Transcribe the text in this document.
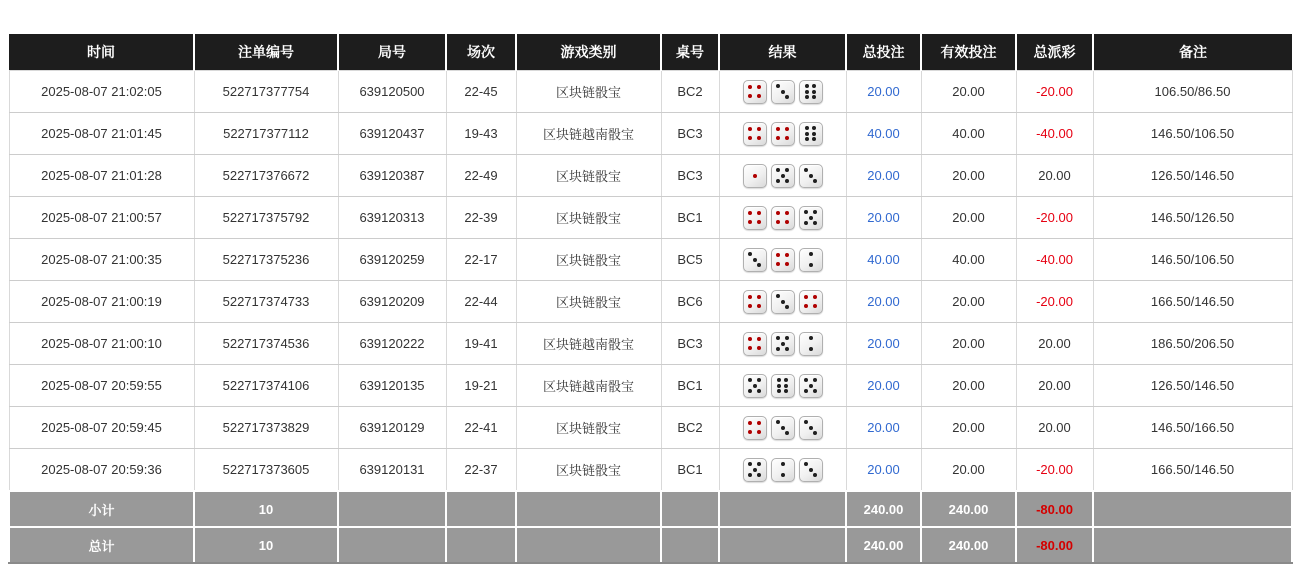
时间	注单编号	局号	场次	游戏类别	桌号	结果	总投注	有效投注	总派彩	备注
2025-08-07 21:02:05	522717377754	639120500	22-45	区块链骰宝	BC2		20.00	20.00	-20.00	106.50/86.50
2025-08-07 21:01:45	522717377112	639120437	19-43	区块链越南骰宝	BC3		40.00	40.00	-40.00	146.50/106.50
2025-08-07 21:01:28	522717376672	639120387	22-49	区块链骰宝	BC3		20.00	20.00	20.00	126.50/146.50
2025-08-07 21:00:57	522717375792	639120313	22-39	区块链骰宝	BC1		20.00	20.00	-20.00	146.50/126.50
2025-08-07 21:00:35	522717375236	639120259	22-17	区块链骰宝	BC5		40.00	40.00	-40.00	146.50/106.50
2025-08-07 21:00:19	522717374733	639120209	22-44	区块链骰宝	BC6		20.00	20.00	-20.00	166.50/146.50
2025-08-07 21:00:10	522717374536	639120222	19-41	区块链越南骰宝	BC3		20.00	20.00	20.00	186.50/206.50
2025-08-07 20:59:55	522717374106	639120135	19-21	区块链越南骰宝	BC1		20.00	20.00	20.00	126.50/146.50
2025-08-07 20:59:45	522717373829	639120129	22-41	区块链骰宝	BC2		20.00	20.00	20.00	146.50/166.50
2025-08-07 20:59:36	522717373605	639120131	22-37	区块链骰宝	BC1		20.00	20.00	-20.00	166.50/146.50
小计	10						240.00	240.00	-80.00	
总计	10						240.00	240.00	-80.00	
